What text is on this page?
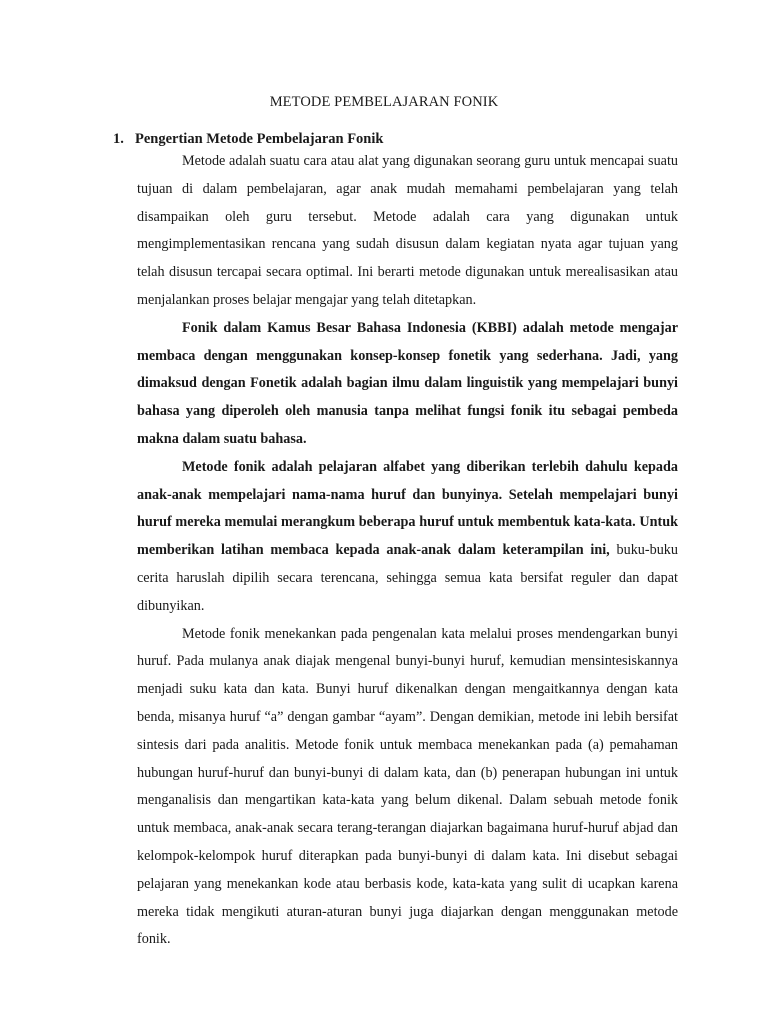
METODE PEMBELAJARAN FONIK
1. Pengertian Metode Pembelajaran Fonik

Metode adalah suatu cara atau alat yang digunakan seorang guru untuk mencapai suatu tujuan di dalam pembelajaran, agar anak mudah memahami pembelajaran yang telah disampaikan oleh guru tersebut. Metode adalah cara yang digunakan untuk mengimplementasikan rencana yang sudah disusun dalam kegiatan nyata agar tujuan yang telah disusun tercapai secara optimal. Ini berarti metode digunakan untuk merealisasikan atau menjalankan proses belajar mengajar yang telah ditetapkan.

Fonik dalam Kamus Besar Bahasa Indonesia (KBBI) adalah metode mengajar membaca dengan menggunakan konsep-konsep fonetik yang sederhana. Jadi, yang dimaksud dengan Fonetik adalah bagian ilmu dalam linguistik yang mempelajari bunyi bahasa yang diperoleh oleh manusia tanpa melihat fungsi fonik itu sebagai pembeda makna dalam suatu bahasa.

Metode fonik adalah pelajaran alfabet yang diberikan terlebih dahulu kepada anak-anak mempelajari nama-nama huruf dan bunyinya. Setelah mempelajari bunyi huruf mereka memulai merangkum beberapa huruf untuk membentuk kata-kata. Untuk memberikan latihan membaca kepada anak-anak dalam keterampilan ini, buku-buku cerita haruslah dipilih secara terencana, sehingga semua kata bersifat reguler dan dapat dibunyikan.

Metode fonik menekankan pada pengenalan kata melalui proses mendengarkan bunyi huruf. Pada mulanya anak diajak mengenal bunyi-bunyi huruf, kemudian mensintesiskannya menjadi suku kata dan kata. Bunyi huruf dikenalkan dengan mengaitkannya dengan kata benda, misanya huruf “a” dengan gambar “ayam”. Dengan demikian, metode ini lebih bersifat sintesis dari pada analitis. Metode fonik untuk membaca menekankan pada (a) pemahaman hubungan huruf-huruf dan bunyi-bunyi di dalam kata, dan (b) penerapan hubungan ini untuk menganalisis dan mengartikan kata-kata yang belum dikenal. Dalam sebuah metode fonik untuk membaca, anak-anak secara terang-terangan diajarkan bagaimana huruf-huruf abjad dan kelompok-kelompok huruf diterapkan pada bunyi-bunyi di dalam kata. Ini disebut sebagai pelajaran yang menekankan kode atau berbasis kode, kata-kata yang sulit di ucapkan karena mereka tidak mengikuti aturan-aturan bunyi juga diajarkan dengan menggunakan metode fonik.
